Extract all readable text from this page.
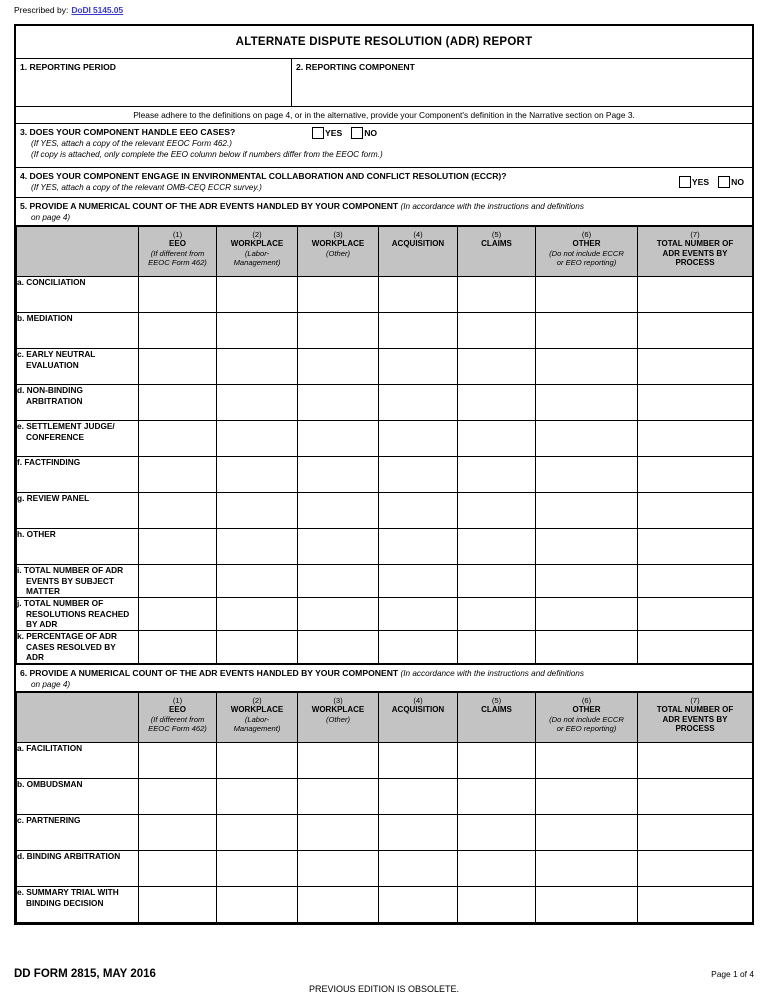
Prescribed by: DoDI 5145.05
ALTERNATE DISPUTE RESOLUTION (ADR) REPORT
1. REPORTING PERIOD	2. REPORTING COMPONENT
Please adhere to the definitions on page 4, or in the alternative, provide your Component's definition in the Narrative section on Page 3.
3. DOES YOUR COMPONENT HANDLE EEO CASES?
(If YES, attach a copy of the relevant EEOC Form 462.)
(If copy is attached, only complete the EEO column below if numbers differ from the EEOC form.)
YES	NO
4. DOES YOUR COMPONENT ENGAGE IN ENVIRONMENTAL COLLABORATION AND CONFLICT RESOLUTION (ECCR)?
(If YES, attach a copy of the relevant OMB-CEQ ECCR survey.)
YES	NO
5. PROVIDE A NUMERICAL COUNT OF THE ADR EVENTS HANDLED BY YOUR COMPONENT (In accordance with the instructions and definitions
on page 4)

	(1)
EEO
(If different from
EEOC Form 462)	(2)
WORKPLACE
(Labor-
Management)	(3)
WORKPLACE
(Other)	(4)
ACQUISITION	(5)
CLAIMS	(6)
OTHER
(Do not include ECCR
or EEO reporting)	(7)
TOTAL NUMBER OF
ADR EVENTS BY
PROCESS

a. CONCILIATION							
b. MEDIATION							
c. EARLY NEUTRAL
EVALUATION							

d. NON-BINDING
ARBITRATION							

e. SETTLEMENT JUDGE/
CONFERENCE							

f. FACTFINDING							
g. REVIEW PANEL							
h. OTHER							
i. TOTAL NUMBER OF ADR
EVENTS BY SUBJECT
MATTER							

j. TOTAL NUMBER OF
RESOLUTIONS REACHED
BY ADR							

k. PERCENTAGE OF ADR
CASES RESOLVED BY
ADR							

6. PROVIDE A NUMERICAL COUNT OF THE ADR EVENTS HANDLED BY YOUR COMPONENT (In accordance with the instructions and definitions
on page 4)

	(1)
EEO
(If different from
EEOC Form 462)	(2)
WORKPLACE
(Labor-
Management)	(3)
WORKPLACE
(Other)	(4)
ACQUISITION	(5)
CLAIMS	(6)
OTHER
(Do not include ECCR
or EEO reporting)	(7)
TOTAL NUMBER OF
ADR EVENTS BY
PROCESS

a. FACILITATION							
b. OMBUDSMAN							
c. PARTNERING							
d. BINDING ARBITRATION							
e. SUMMARY TRIAL WITH
BINDING DECISION							

DD FORM 2815, MAY 2016
PREVIOUS EDITION IS OBSOLETE.
Page 1 of 4
